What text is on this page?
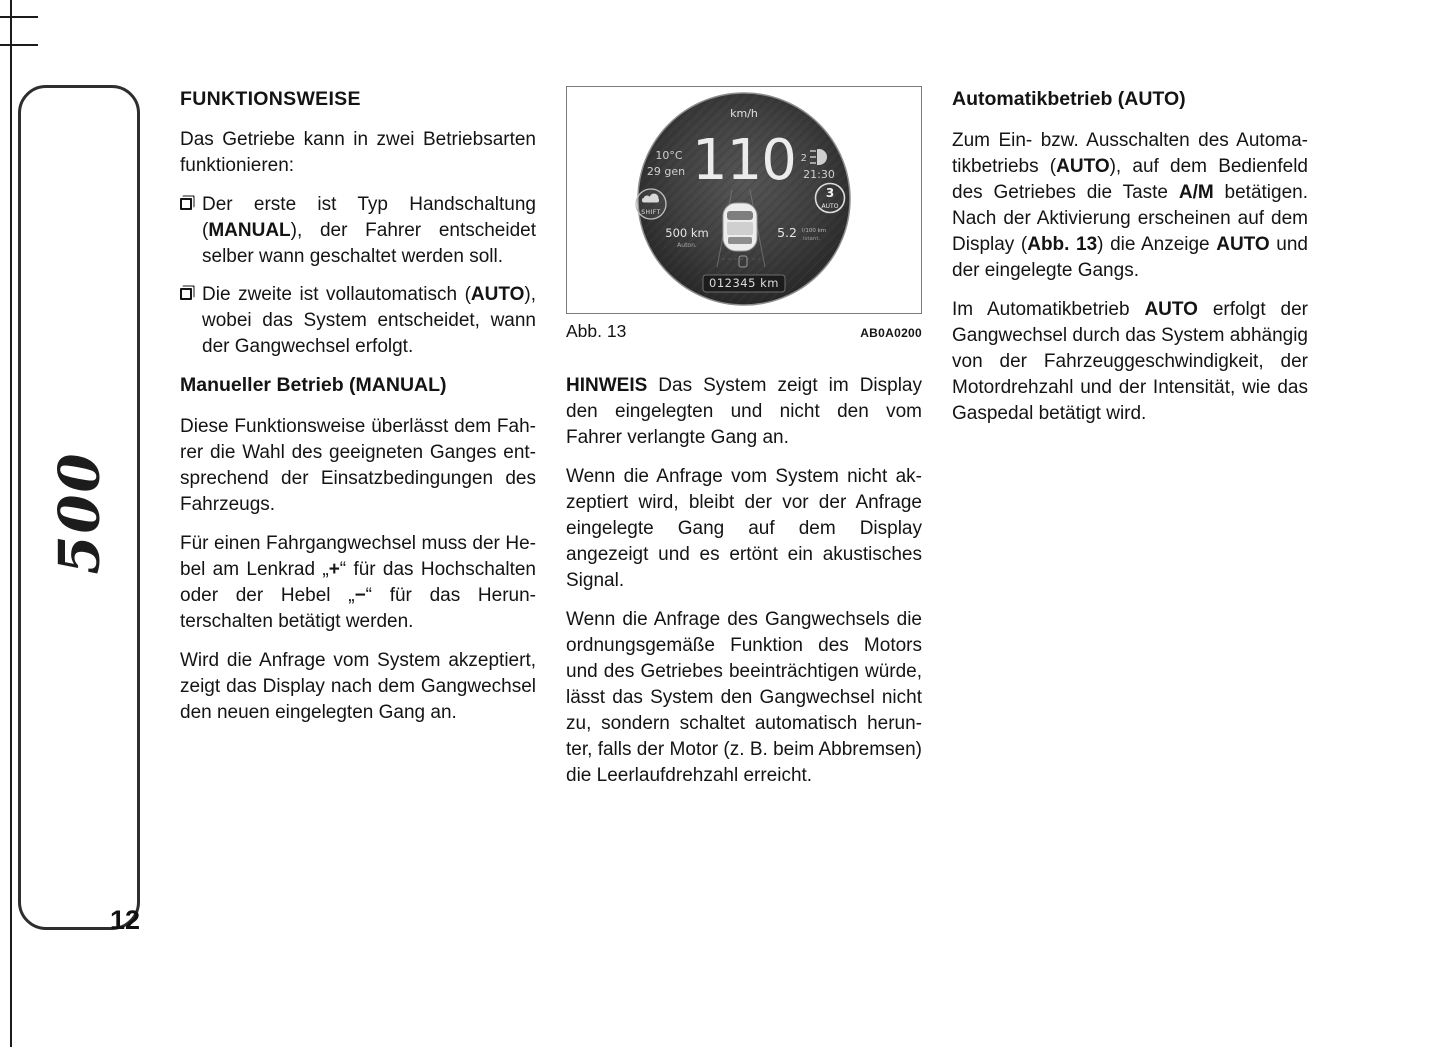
500
12
FUNKTIONSWEISE

Das Getriebe kann in zwei Betriebsarten funktionieren:

Der erste ist Typ Handschaltung (MANUAL), der Fahrer entscheidet selber wann geschaltet werden soll.
Die zweite ist vollautomatisch (AUTO), wobei das System entscheidet, wann der Gangwechsel erfolgt.
Manueller Betrieb (MANUAL)

Diese Funktionsweise überlässt dem Fahrer die Wahl des geeigneten Ganges entsprechend der Einsatzbedingungen des Fahrzeugs.

Für einen Fahrgangwechsel muss der Hebel am Lenkrad „+“ für das Hochschalten oder der Hebel „−“ für das Herunterschalten betätigt werden.

Wird die Anfrage vom System akzeptiert, zeigt das Display nach dem Gangwechsel den neuen eingelegten Gang an.

km/h
110
10°C
29 gen
2
21:30
SHIFT
3
AUTO
500 km
Auton.
5.2 l/100 km
istant.
012345 km
Abb. 13	AB0A0200

HINWEIS Das System zeigt im Display den eingelegten und nicht den vom Fahrer verlangte Gang an.

Wenn die Anfrage vom System nicht akzeptiert wird, bleibt der vor der Anfrage eingelegte Gang auf dem Display angezeigt und es ertönt ein akustisches Signal.

Wenn die Anfrage des Gangwechsels die ordnungsgemäße Funktion des Motors und des Getriebes beeinträchtigen würde, lässt das System den Gangwechsel nicht zu, sondern schaltet automatisch herunter, falls der Motor (z. B. beim Abbremsen) die Leerlaufdrehzahl erreicht.

Automatikbetrieb (AUTO)

Zum Ein- bzw. Ausschalten des Automatikbetriebs (AUTO), auf dem Bedienfeld des Getriebes die Taste A/M betätigen. Nach der Aktivierung erscheinen auf dem Display (Abb. 13) die Anzeige AUTO und der eingelegte Gangs.

Im Automatikbetrieb AUTO erfolgt der Gangwechsel durch das System abhängig von der Fahrzeuggeschwindigkeit, der Motordrehzahl und der Intensität, wie das Gaspedal betätigt wird.
